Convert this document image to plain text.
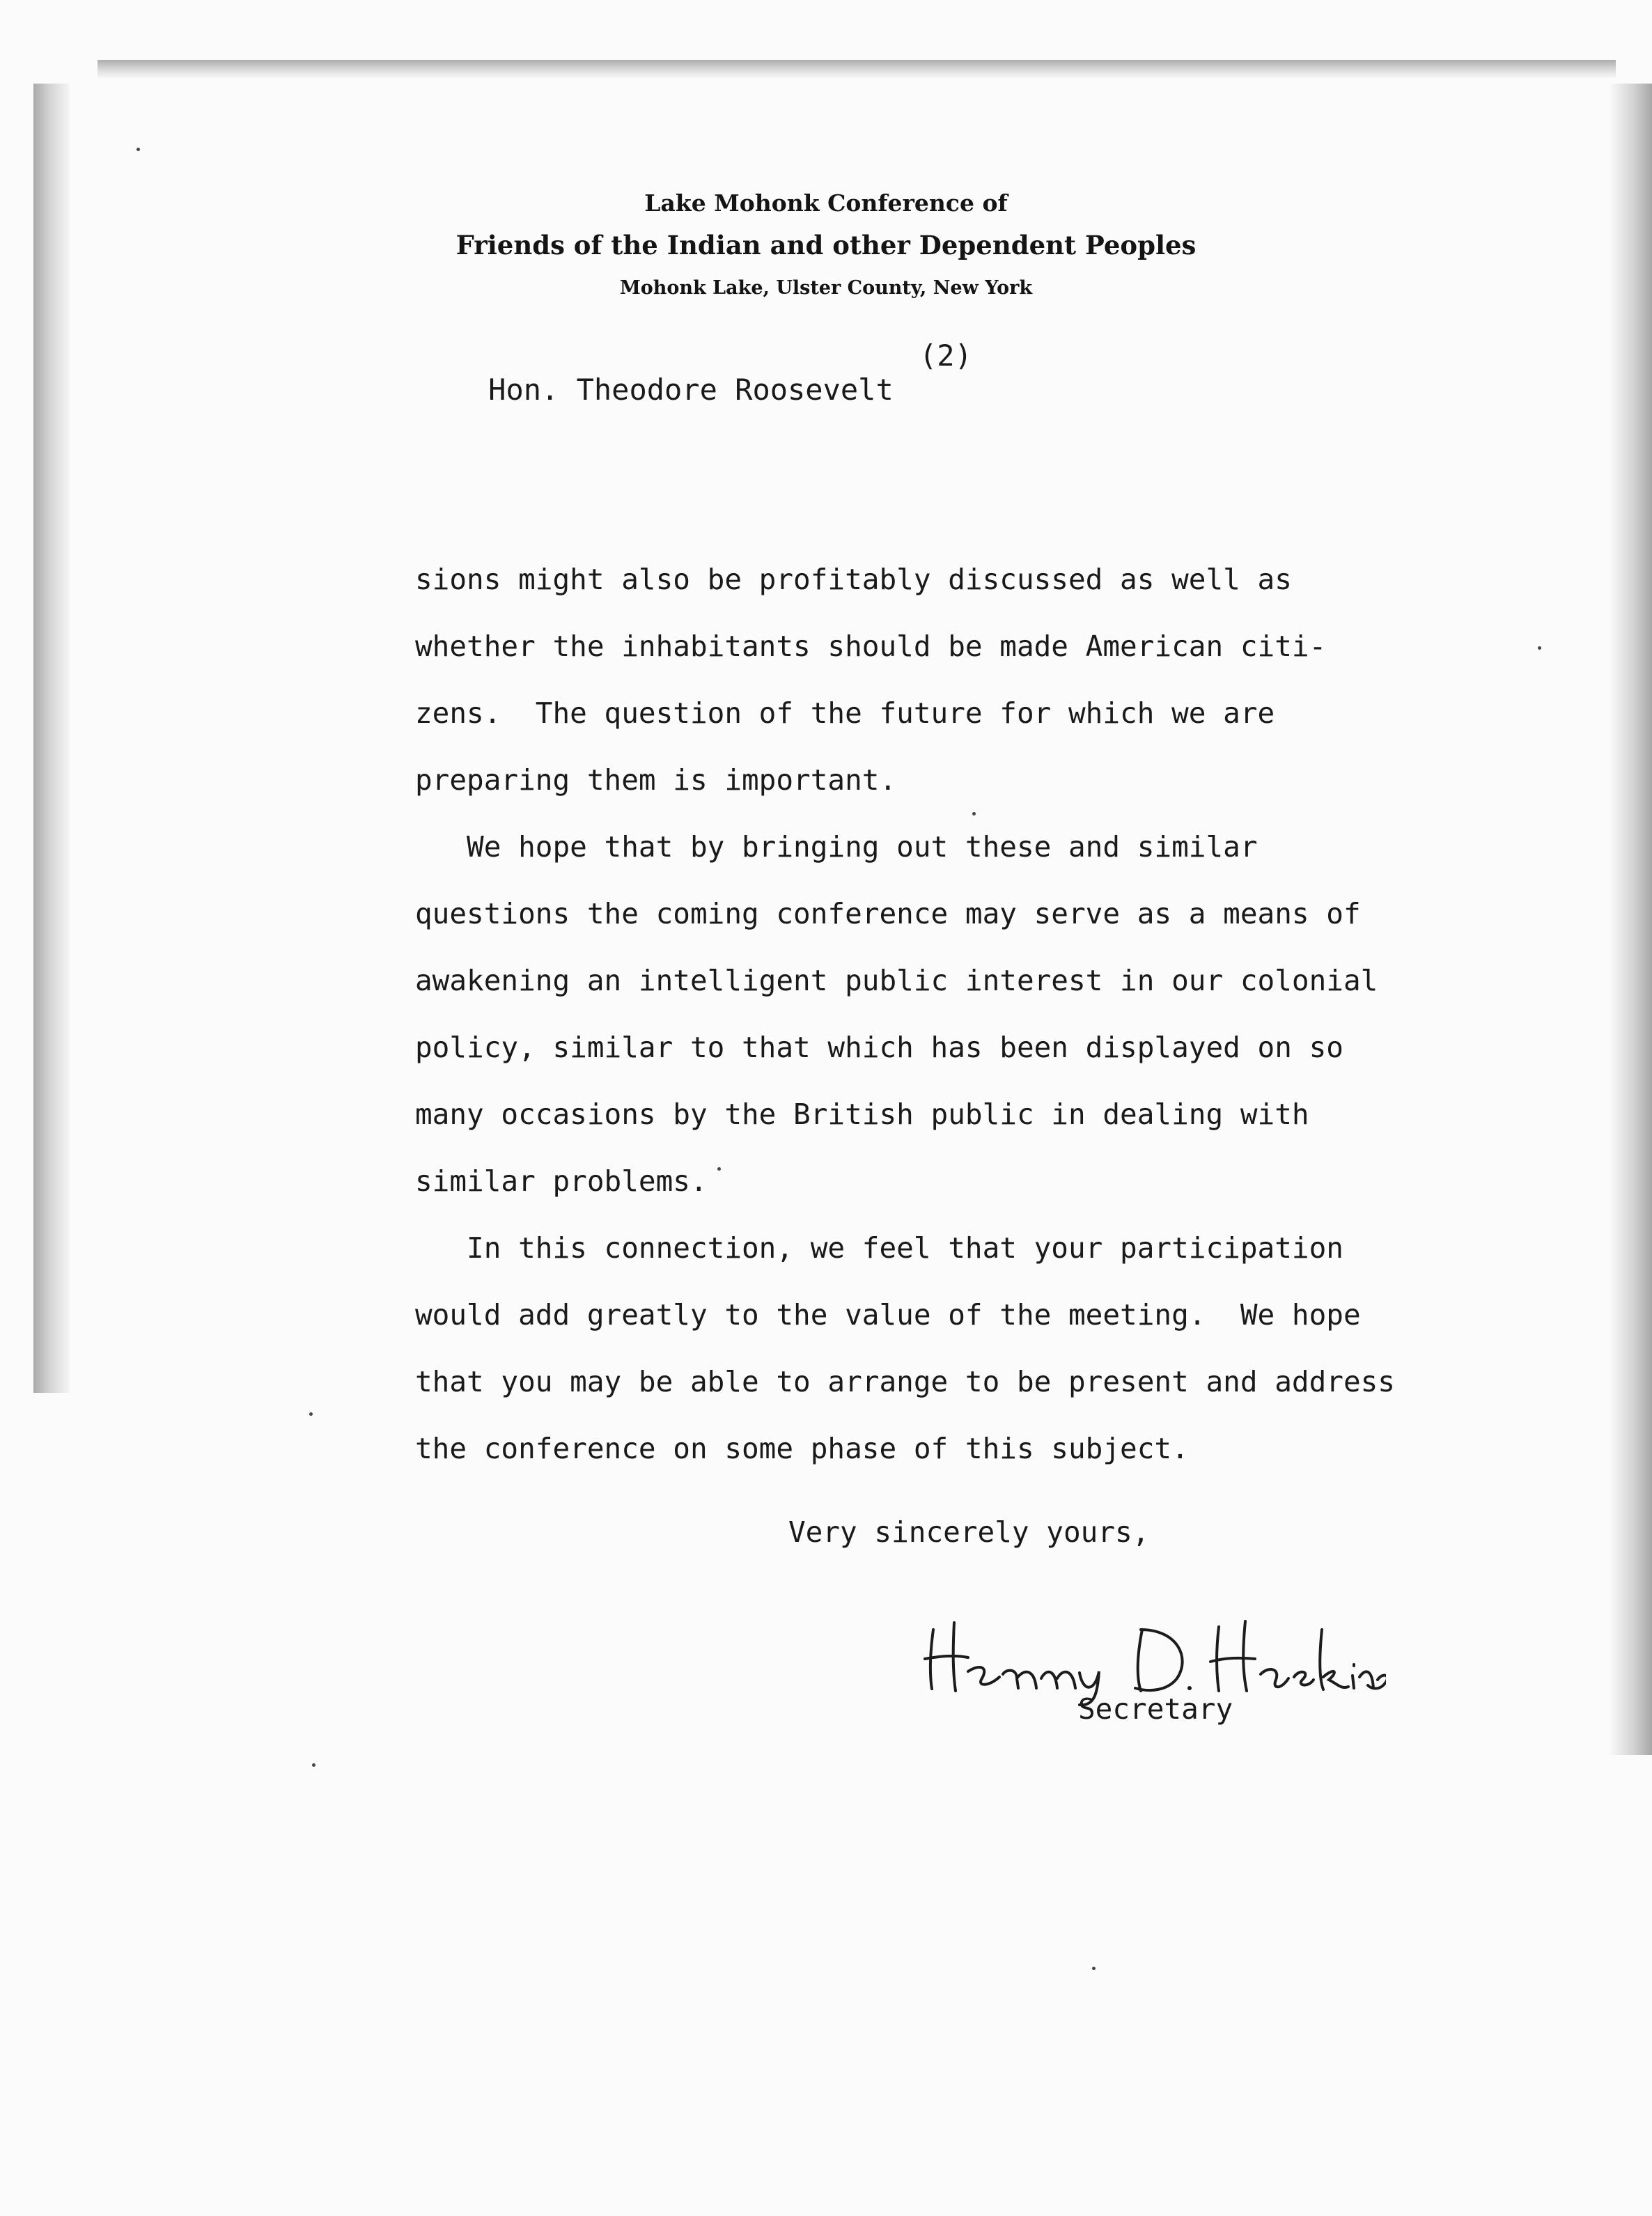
Lake Mohonk Conference of
Friends of the Indian and other Dependent Peoples
Mohonk Lake, Ulster County, New York

Hon. Theodore Roosevelt

(2)

sions might also be profitably discussed as well as
whether the inhabitants should be made American citi-
zens.  The question of the future for which we are
preparing them is important.
We hope that by bringing out these and similar
questions the coming conference may serve as a means of
awakening an intelligent public interest in our colonial
policy, similar to that which has been displayed on so
many occasions by the British public in dealing with
similar problems.
In this connection, we feel that your participation
would add greatly to the value of the meeting.  We hope
that you may be able to arrange to be present and address
the conference on some phase of this subject.
Very sincerely yours,
Secretary
